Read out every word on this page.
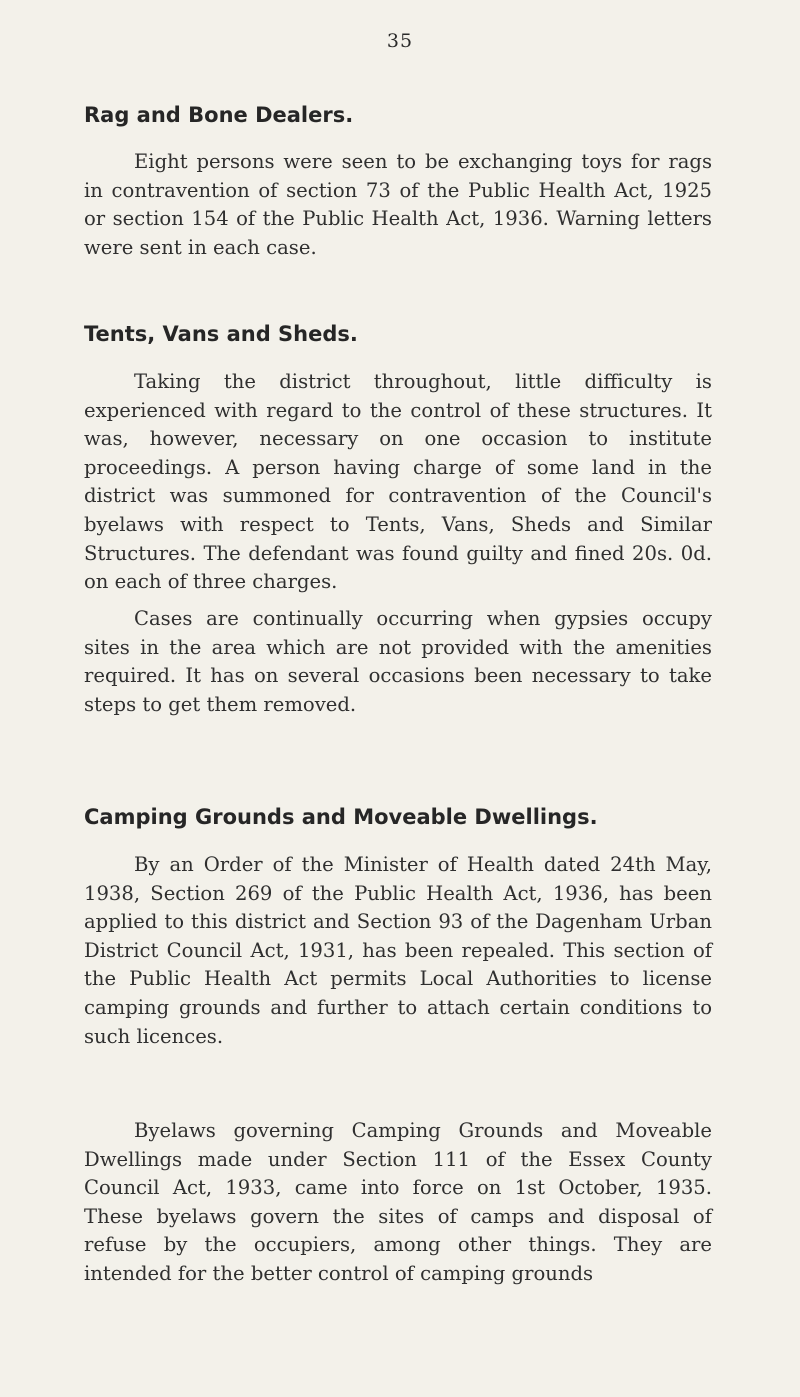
35
Rag and Bone Dealers.

Eight persons were seen to be exchanging toys for rags in contravention of section 73 of the Public Health Act, 1925 or section 154 of the Public Health Act, 1936. Warning letters were sent in each case.

Tents, Vans and Sheds.

Taking the district throughout, little difficulty is experienced with regard to the control of these structures. It was, however, necessary on one occasion to institute proceedings. A person having charge of some land in the district was summoned for contravention of the Council's byelaws with respect to Tents, Vans, Sheds and Similar Structures. The defendant was found guilty and fined 20s. 0d. on each of three charges.

Cases are continually occurring when gypsies occupy sites in the area which are not provided with the amenities required. It has on several occasions been necessary to take steps to get them removed.

Camping Grounds and Moveable Dwellings.

By an Order of the Minister of Health dated 24th May, 1938, Section 269 of the Public Health Act, 1936, has been applied to this district and Section 93 of the Dagenham Urban District Council Act, 1931, has been repealed. This section of the Public Health Act permits Local Authorities to license camping grounds and further to attach certain conditions to such licences.

Byelaws governing Camping Grounds and Moveable Dwellings made under Section 111 of the Essex County Council Act, 1933, came into force on 1st October, 1935. These byelaws govern the sites of camps and disposal of refuse by the occupiers, among other things. They are intended for the better control of camping grounds
